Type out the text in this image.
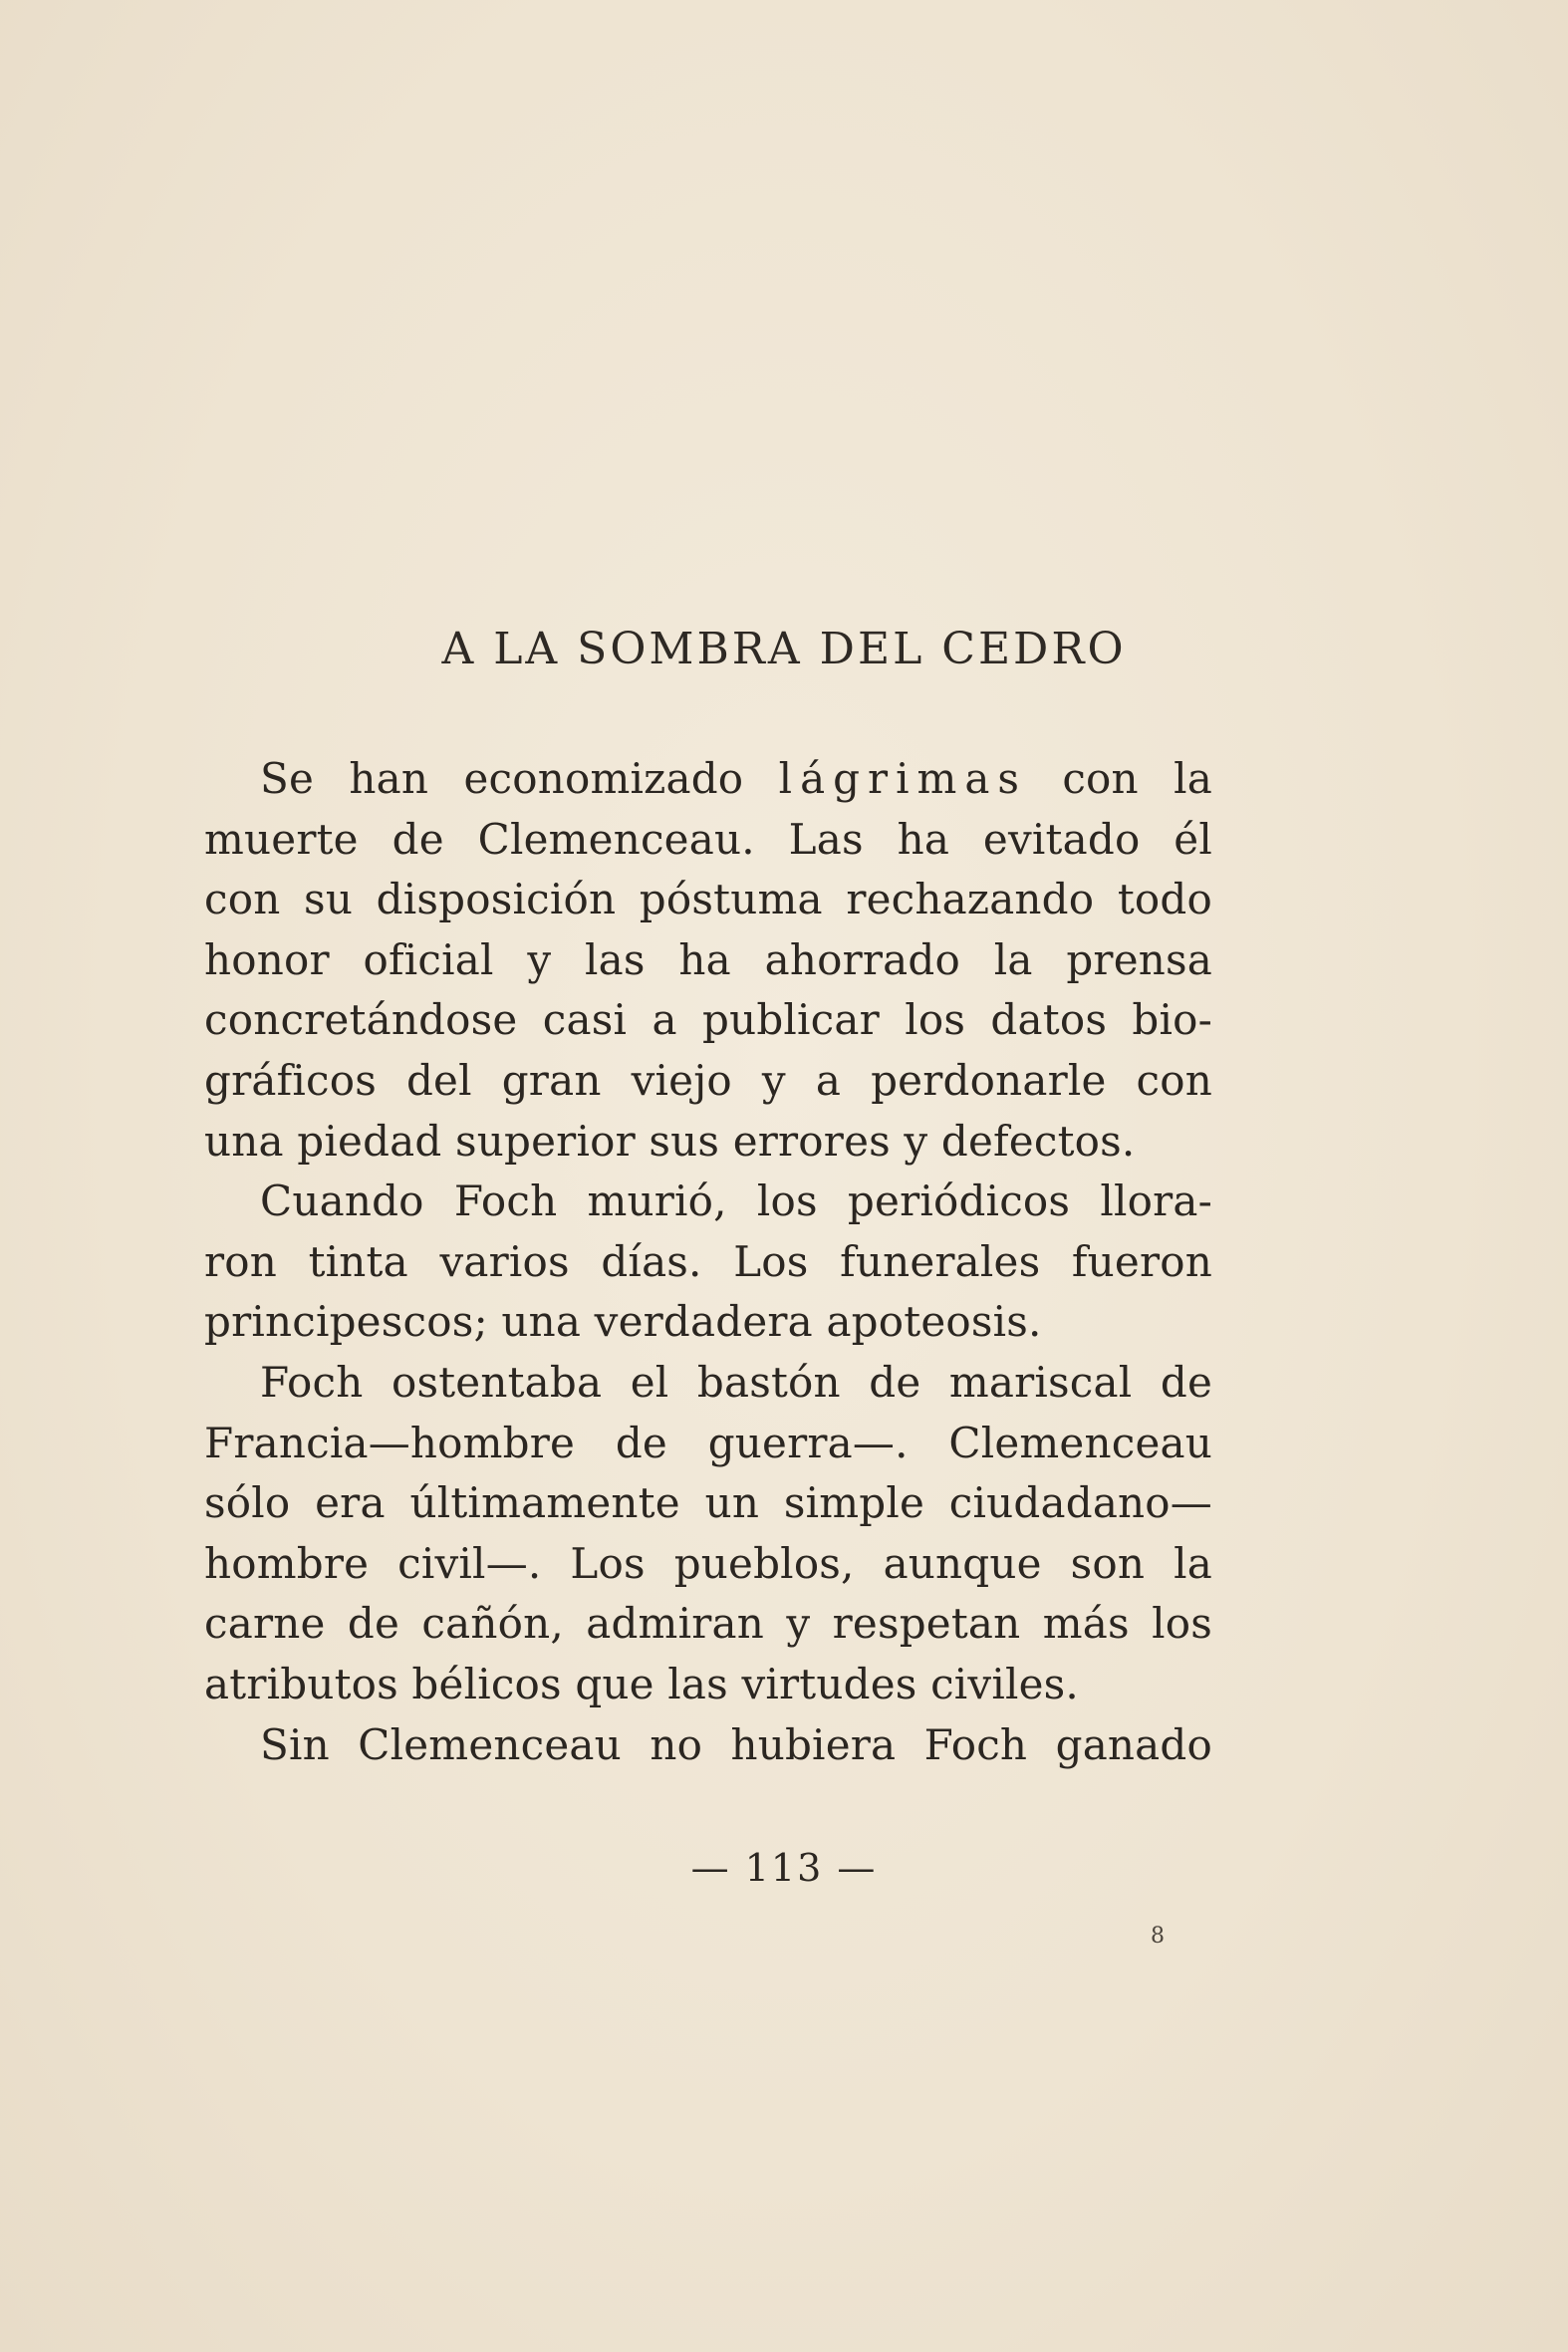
A LA SOMBRA DEL CEDRO
Se han economizado lágrimas con la
muerte de Clemenceau. Las ha evitado él
con su disposición póstuma rechazando todo
honor oficial y las ha ahorrado la prensa
concretándose casi a publicar los datos bio-
gráficos del gran viejo y a perdonarle con
una piedad superior sus errores y defectos.
Cuando Foch murió, los periódicos llora-
ron tinta varios días. Los funerales fueron
principescos; una verdadera apoteosis.
Foch ostentaba el bastón de mariscal de
Francia—hombre de guerra—. Clemenceau
sólo era últimamente un simple ciudadano—
hombre civil—. Los pueblos, aunque son la
carne de cañón, admiran y respetan más los
atributos bélicos que las virtudes civiles.
Sin Clemenceau no hubiera Foch ganado
— 113 —
8
